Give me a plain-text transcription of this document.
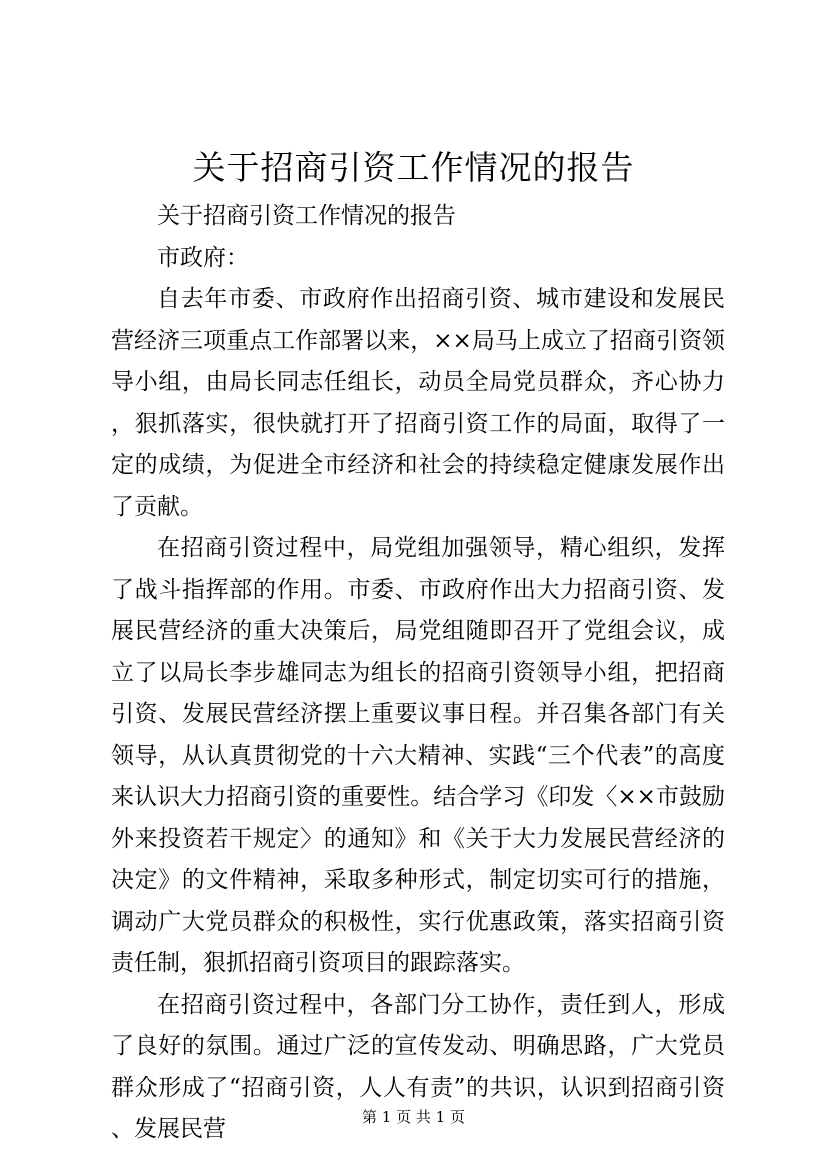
关于招商引资工作情况的报告

关于招商引资工作情况的报告

市政府：

自去年市委、市政府作出招商引资、城市建设和发展民营经济三项重点工作部署以来，××局马上成立了招商引资领导小组，由局长同志任组长，动员全局党员群众，齐心协力，狠抓落实，很快就打开了招商引资工作的局面，取得了一定的成绩，为促进全市经济和社会的持续稳定健康发展作出了贡献。

在招商引资过程中，局党组加强领导，精心组织，发挥了战斗指挥部的作用。市委、市政府作出大力招商引资、发展民营经济的重大决策后，局党组随即召开了党组会议，成立了以局长李步雄同志为组长的招商引资领导小组，把招商引资、发展民营经济摆上重要议事日程。并召集各部门有关领导，从认真贯彻党的十六大精神、实践“三个代表”的高度来认识大力招商引资的重要性。结合学习《印发〈××市鼓励外来投资若干规定〉的通知》和《关于大力发展民营经济的决定》的文件精神，采取多种形式，制定切实可行的措施，调动广大党员群众的积极性，实行优惠政策，落实招商引资责任制，狠抓招商引资项目的跟踪落实。

在招商引资过程中，各部门分工协作，责任到人，形成了良好的氛围。通过广泛的宣传发动、明确思路，广大党员群众形成了“招商引资，人人有责”的共识，认识到招商引资、发展民营	第 1 页 共 1 页
